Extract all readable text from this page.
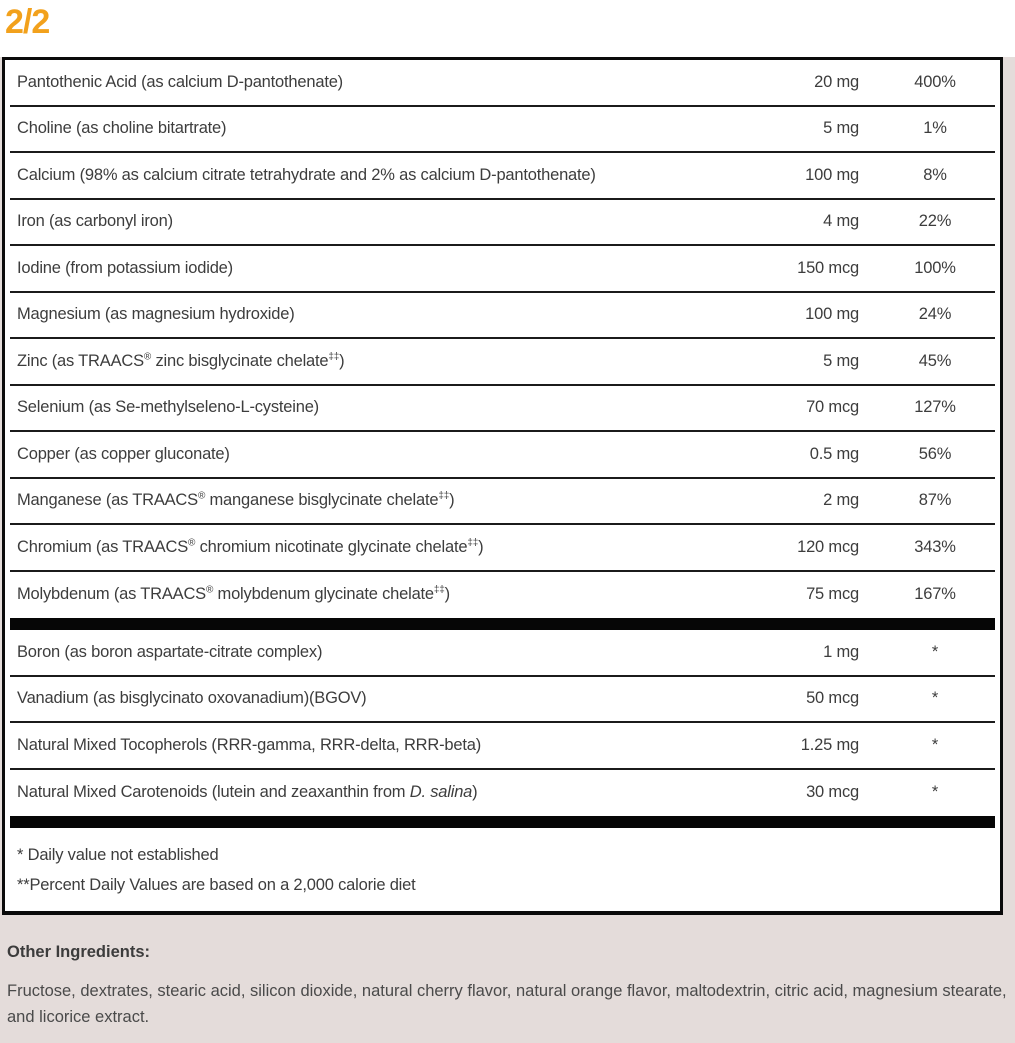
2/2
Pantothenic Acid (as calcium D-pantothenate)	20 mg	400%
Choline (as choline bitartrate)	5 mg	1%
Calcium (98% as calcium citrate tetrahydrate and 2% as calcium D-pantothenate)	100 mg	8%
Iron (as carbonyl iron)	4 mg	22%
Iodine (from potassium iodide)	150 mcg	100%
Magnesium (as magnesium hydroxide)	100 mg	24%
Zinc (as TRAACS® zinc bisglycinate chelate‡‡)	5 mg	45%
Selenium (as Se-methylseleno-L-cysteine)	70 mcg	127%
Copper (as copper gluconate)	0.5 mg	56%
Manganese (as TRAACS® manganese bisglycinate chelate‡‡)	2 mg	87%
Chromium (as TRAACS® chromium nicotinate glycinate chelate‡‡)	120 mcg	343%
Molybdenum (as TRAACS® molybdenum glycinate chelate‡‡)	75 mcg	167%
Boron (as boron aspartate-citrate complex)	1 mg	*
Vanadium (as bisglycinato oxovanadium)(BGOV)	50 mcg	*
Natural Mixed Tocopherols (RRR-gamma, RRR-delta, RRR-beta)	1.25 mg	*
Natural Mixed Carotenoids (lutein and zeaxanthin from D. salina)	30 mcg	*
* Daily value not established
**Percent Daily Values are based on a 2,000 calorie diet
Other Ingredients:
Fructose, dextrates, stearic acid, silicon dioxide, natural cherry flavor, natural orange flavor, maltodextrin, citric acid, magnesium stearate, and licorice extract.
